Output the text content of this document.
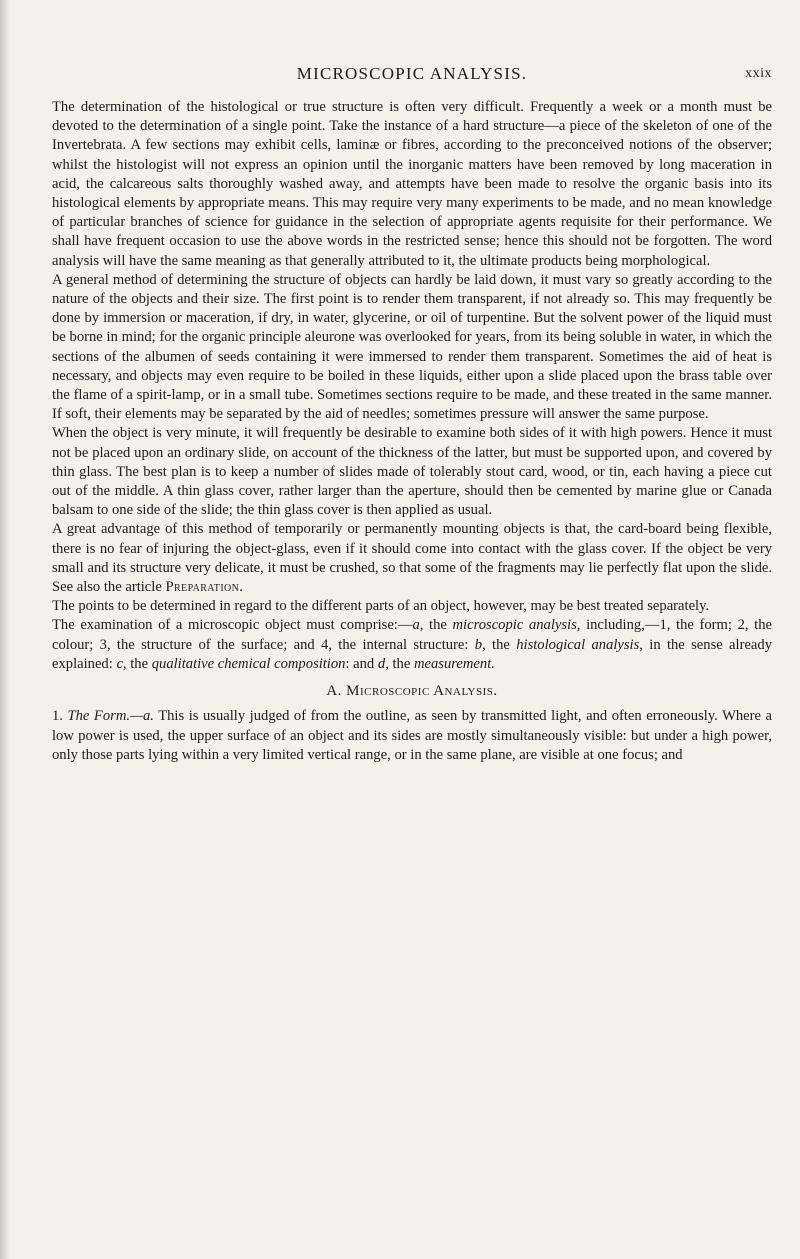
MICROSCOPIC ANALYSIS.	xxix

The determination of the histological or true structure is often very difficult. Frequently a week or a month must be devoted to the determination of a single point. Take the instance of a hard structure—a piece of the skeleton of one of the Invertebrata. A few sections may exhibit cells, laminæ or fibres, according to the preconceived notions of the observer; whilst the histologist will not express an opinion until the inorganic matters have been removed by long maceration in acid, the calcareous salts thoroughly washed away, and attempts have been made to resolve the organic basis into its histological elements by appropriate means. This may require very many experiments to be made, and no mean knowledge of particular branches of science for guidance in the selection of appropriate agents requisite for their performance. We shall have frequent occasion to use the above words in the restricted sense; hence this should not be forgotten. The word analysis will have the same meaning as that generally attributed to it, the ultimate products being morphological.

A general method of determining the structure of objects can hardly be laid down, it must vary so greatly according to the nature of the objects and their size. The first point is to render them transparent, if not already so. This may frequently be done by immersion or maceration, if dry, in water, glycerine, or oil of turpentine. But the solvent power of the liquid must be borne in mind; for the organic principle aleurone was overlooked for years, from its being soluble in water, in which the sections of the albumen of seeds containing it were immersed to render them transparent. Sometimes the aid of heat is necessary, and objects may even require to be boiled in these liquids, either upon a slide placed upon the brass table over the flame of a spirit-lamp, or in a small tube. Sometimes sections require to be made, and these treated in the same manner. If soft, their elements may be separated by the aid of needles; sometimes pressure will answer the same purpose.

When the object is very minute, it will frequently be desirable to examine both sides of it with high powers. Hence it must not be placed upon an ordinary slide, on account of the thickness of the latter, but must be supported upon, and covered by thin glass. The best plan is to keep a number of slides made of tolerably stout card, wood, or tin, each having a piece cut out of the middle. A thin glass cover, rather larger than the aperture, should then be cemented by marine glue or Canada balsam to one side of the slide; the thin glass cover is then applied as usual.

A great advantage of this method of temporarily or permanently mounting objects is that, the card-board being flexible, there is no fear of injuring the object-glass, even if it should come into contact with the glass cover. If the object be very small and its structure very delicate, it must be crushed, so that some of the fragments may lie perfectly flat upon the slide. See also the article Preparation.

The points to be determined in regard to the different parts of an object, however, may be best treated separately.

The examination of a microscopic object must comprise:—a, the microscopic analysis, including,—1, the form; 2, the colour; 3, the structure of the surface; and 4, the internal structure: b, the histological analysis, in the sense already explained: c, the qualitative chemical composition: and d, the measurement.

A. Microscopic Analysis.

1. The Form.—a. This is usually judged of from the outline, as seen by transmitted light, and often erroneously. Where a low power is used, the upper surface of an object and its sides are mostly simultaneously visible: but under a high power, only those parts lying within a very limited vertical range, or in the same plane, are visible at one focus; and
